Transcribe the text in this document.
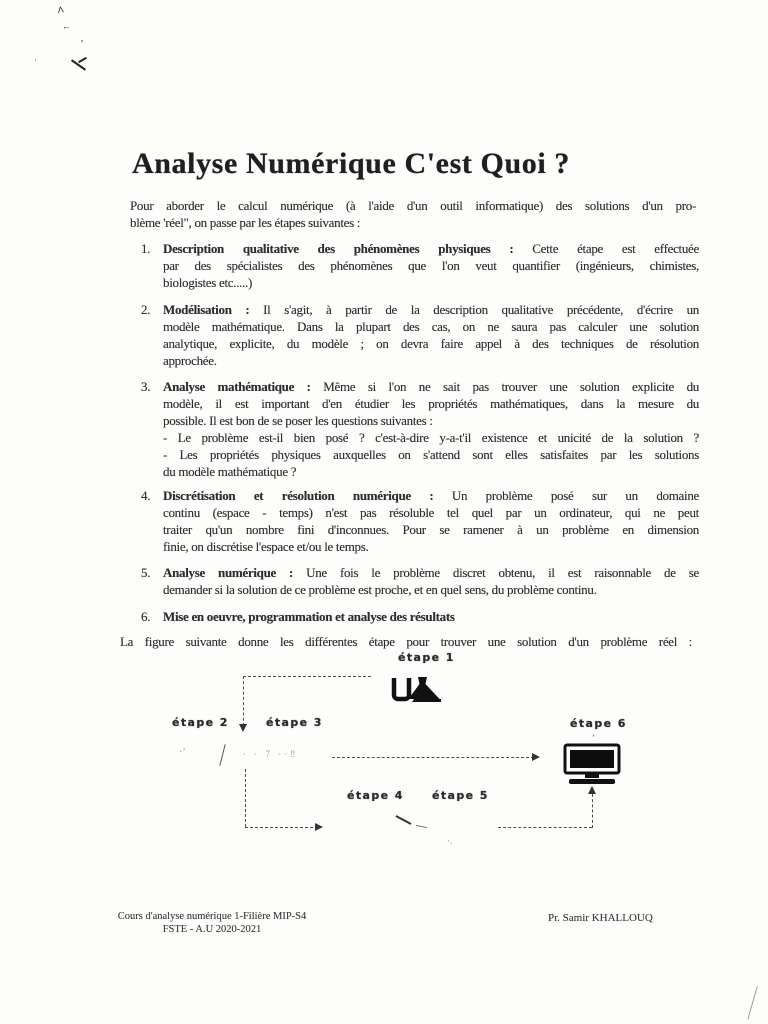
^
←
’
·
Analyse Numérique C'est Quoi ?
Pour aborder le calcul numérique (à l'aide d'un outil informatique) des solutions d'un pro-
blème 'réel", on passe par les étapes suivantes :
1. Description qualitative des phénomènes physiques : Cette étape est effectuée
par des spécialistes des phénomènes que l'on veut quantifier (ingénieurs, chimistes,
biologistes etc.....)
2. Modélisation : Il s'agit, à partir de la description qualitative précédente, d'écrire un
modèle mathématique. Dans la plupart des cas, on ne saura pas calculer une solution
analytique, explicite, du modèle ; on devra faire appel à des techniques de résolution
approchée.
3. Analyse mathématique : Même si l'on ne sait pas trouver une solution explicite du
modèle, il est important d'en étudier les propriétés mathématiques, dans la mesure du
possible. Il est bon de se poser les questions suivantes :
- Le problème est-il bien posé ? c'est-à-dire y-a-t'il existence et unicité de la solution ?
- Les propriétés physiques auxquelles on s'attend sont elles satisfaites par les solutions
du modèle mathématique ?
4. Discrétisation et résolution numérique : Un problème posé sur un domaine
continu (espace - temps) n'est pas résoluble tel quel par un ordinateur, qui ne peut
traiter qu'un nombre fini d'inconnues. Pour se ramener à un problème en dimension
finie, on discrétise l'espace et/ou le temps.
5. Analyse numérique : Une fois le problème discret obtenu, il est raisonnable de se
demander si la solution de ce problème est proche, et en quel sens, du problème continu.
6. Mise en oeuvre, programmation et analyse des résultats
La figure suivante donne les différentes étape pour trouver une solution d'un problème réel :
étape 1
étape 2	étape 3
étape 4	étape 5
étape 6
’
·’	· · 7 ··‼
·.
Cours d'analyse numérique 1-Filière MIP-S4
FSTE - A.U 2020-2021
Pr. Samir KHALLOUQ
